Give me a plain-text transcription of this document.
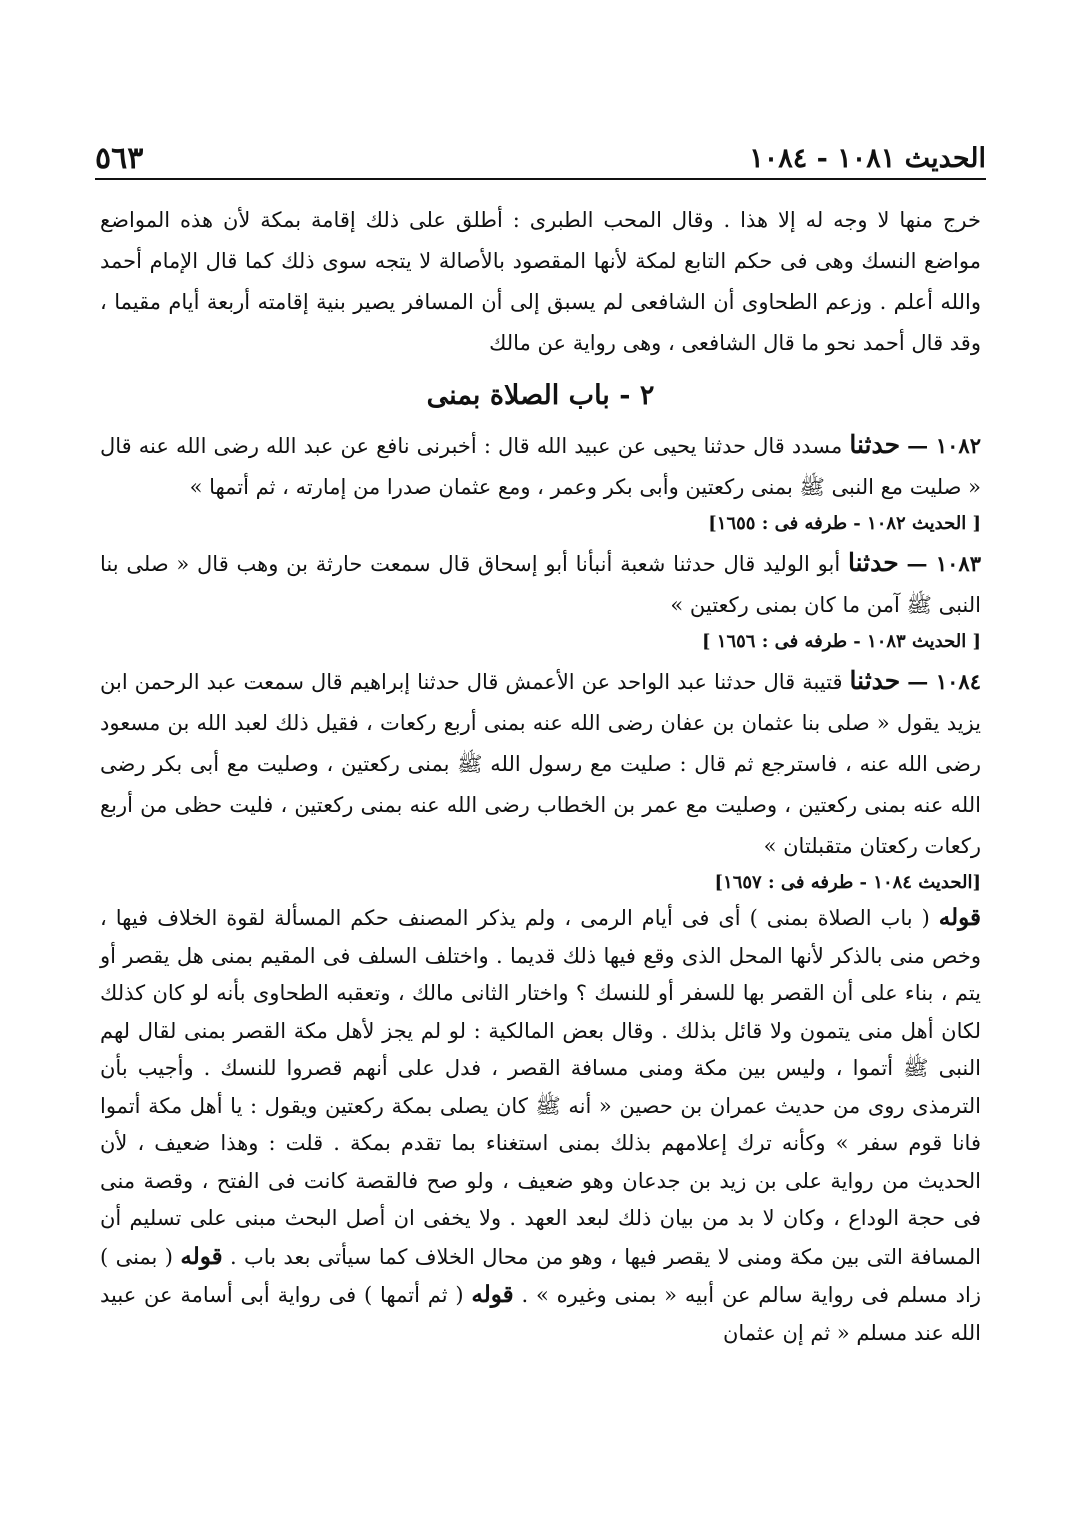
الحديث ١٠٨١ - ١٠٨٤
٥٦٣

خرج منها لا وجه له إلا هذا . وقال المحب الطبرى : أطلق على ذلك إقامة بمكة لأن هذه المواضع مواضع النسك وهى فى حكم التابع لمكة لأنها المقصود بالأصالة لا يتجه سوى ذلك كما قال الإمام أحمد والله أعلم . وزعم الطحاوى أن الشافعى لم يسبق إلى أن المسافر يصير بنية إقامته أربعة أيام مقيما ، وقد قال أحمد نحو ما قال الشافعى ، وهى رواية عن مالك

٢ - باب الصلاة بمنى

١٠٨٢ — حدثنا مسدد قال حدثنا يحيى عن عبيد الله قال : أخبرنى نافع عن عبد الله رضى الله عنه قال « صليت مع النبى ﷺ بمنى ركعتين وأبى بكر وعمر ، ومع عثمان صدرا من إمارته ، ثم أتمها »

[ الحديث ١٠٨٢ - طرفه فى : ١٦٥٥]

١٠٨٣ — حدثنا أبو الوليد قال حدثنا شعبة أنبأنا أبو إسحاق قال سمعت حارثة بن وهب قال « صلى بنا النبى ﷺ آمن ما كان بمنى ركعتين »

[ الحديث ١٠٨٣ - طرفه فى : ١٦٥٦ ]

١٠٨٤ — حدثنا قتيبة قال حدثنا عبد الواحد عن الأعمش قال حدثنا إبراهيم قال سمعت عبد الرحمن ابن يزيد يقول « صلى بنا عثمان بن عفان رضى الله عنه بمنى أربع ركعات ، فقيل ذلك لعبد الله بن مسعود رضى الله عنه ، فاسترجع ثم قال : صليت مع رسول الله ﷺ بمنى ركعتين ، وصليت مع أبى بكر رضى الله عنه بمنى ركعتين ، وصليت مع عمر بن الخطاب رضى الله عنه بمنى ركعتين ، فليت حظى من أربع ركعات ركعتان متقبلتان »

[الحديث ١٠٨٤ - طرفه فى : ١٦٥٧]

قوله ( باب الصلاة بمنى ) أى فى أيام الرمى ، ولم يذكر المصنف حكم المسألة لقوة الخلاف فيها ، وخص منى بالذكر لأنها المحل الذى وقع فيها ذلك قديما . واختلف السلف فى المقيم بمنى هل يقصر أو يتم ، بناء على أن القصر بها للسفر أو للنسك ؟ واختار الثانى مالك ، وتعقبه الطحاوى بأنه لو كان كذلك لكان أهل منى يتمون ولا قائل بذلك . وقال بعض المالكية : لو لم يجز لأهل مكة القصر بمنى لقال لهم النبى ﷺ أتموا ، وليس بين مكة ومنى مسافة القصر ، فدل على أنهم قصروا للنسك . وأجيب بأن الترمذى روى من حديث عمران بن حصين « أنه ﷺ كان يصلى بمكة ركعتين ويقول : يا أهل مكة أتموا فانا قوم سفر » وكأنه ترك إعلامهم بذلك بمنى استغناء بما تقدم بمكة . قلت : وهذا ضعيف ، لأن الحديث من رواية على بن زيد بن جدعان وهو ضعيف ، ولو صح فالقصة كانت فى الفتح ، وقصة منى فى حجة الوداع ، وكان لا بد من بيان ذلك لبعد العهد . ولا يخفى ان أصل البحث مبنى على تسليم أن المسافة التى بين مكة ومنى لا يقصر فيها ، وهو من محال الخلاف كما سيأتى بعد باب . قوله ( بمنى ) زاد مسلم فى رواية سالم عن أبيه « بمنى وغيره » . قوله ( ثم أتمها ) فى رواية أبى أسامة عن عبيد الله عند مسلم « ثم إن عثمان
